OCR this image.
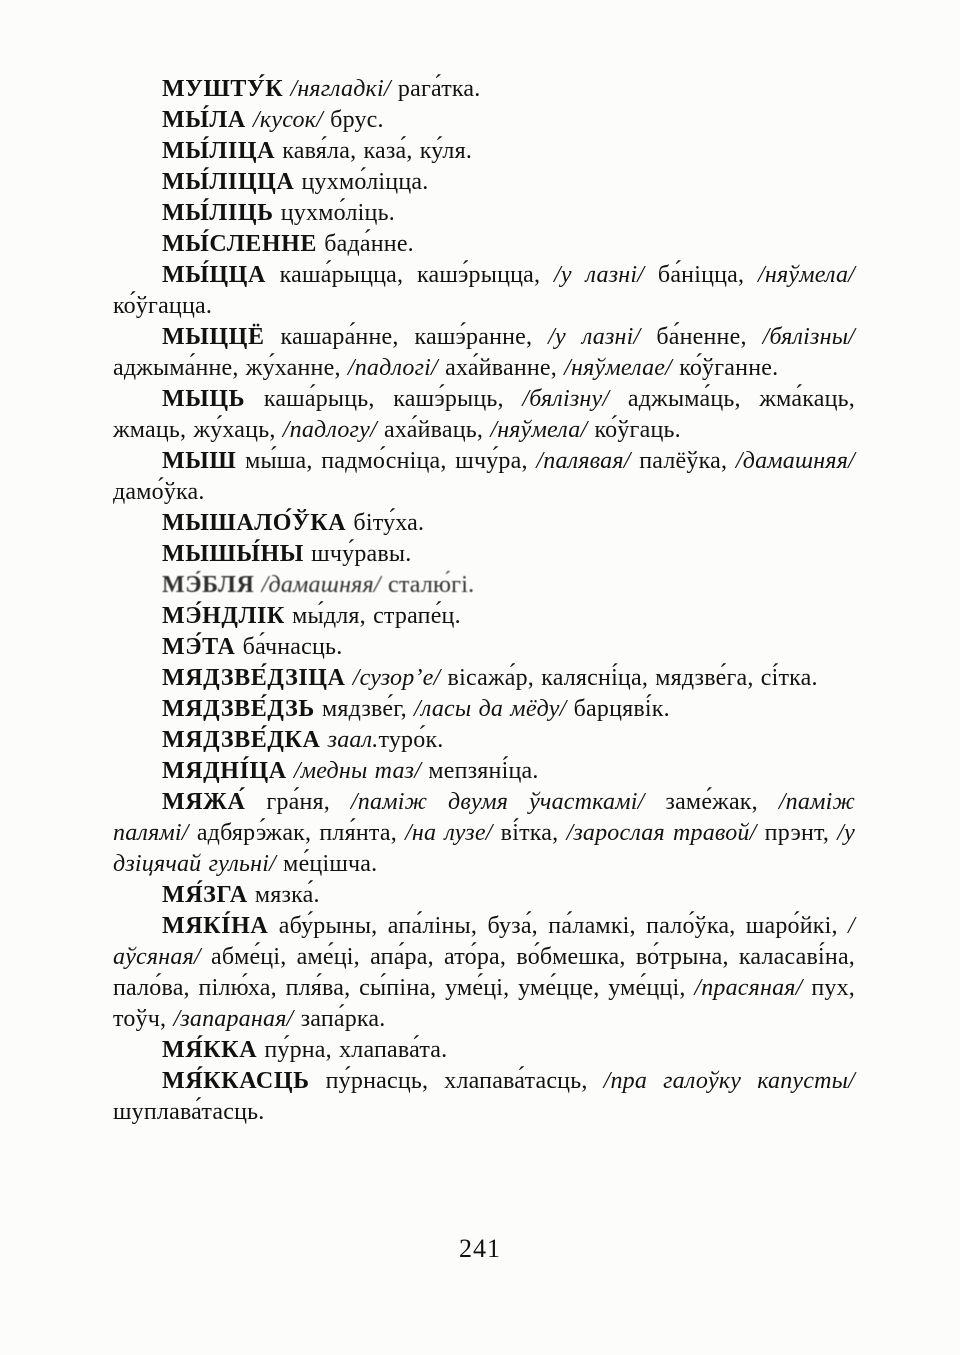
МУШТУ́К /нягладкі/ рага́тка.

МЫ́ЛА /кусок/ брус.

МЫ́ЛІЦА кавя́ла, каза́, ку́ля.

МЫ́ЛІЦЦА цухмо́ліцца.

МЫ́ЛІЦЬ цухмо́ліць.

МЫ́СЛЕННЕ бада́нне.

МЫ́ЦЦА каша́рыцца, кашэ́рыцца, /у лазні/ ба́ніцца, /няўмела/ ко́ўгацца.

МЫЦЦЁ кашара́нне, кашэ́ранне, /у лазні/ ба́ненне, /бялізны/ аджыма́нне, жу́ханне, /падлогі/ аха́йванне, /няўмелае/ ко́ўганне.

МЫЦЬ каша́рыць, кашэ́рыць, /бялізну/ аджыма́ць, жма́каць, жмаць, жу́хаць, /падлогу/ аха́йваць, /няўмела/ ко́ўгаць.

МЫШ мы́ша, падмо́сніца, шчу́ра, /палявая/ палёўка, /дамашняя/ дамо́ўка.

МЫШАЛО́ЎКА біту́ха.

МЫШЫ́НЫ шчу́равы.

МЭ́БЛЯ /дамашняя/ сталю́гі.

МЭ́НДЛІК мы́для, страпе́ц.

МЭ́ТА ба́чнасць.

МЯДЗВЕ́ДЗІЦА /сузор’е/ вісажа́р, калясні́ца, мядзве́га, сі́тка.

МЯДЗВЕ́ДЗЬ мядзве́г, /ласы да мёду/ барцяві́к.

МЯДЗВЕ́ДКА заал.туро́к.

МЯДНІ́ЦА /медны таз/ мепзяні́ца.

МЯЖА́ гра́ня, /паміж двумя ўчасткамі/ заме́жак, /паміж палямі/ адбярэ́жак, пля́нта, /на лузе/ ві́тка, /зарослая травой/ прэнт, /у дзіцячай гульні/ ме́цішча.

МЯ́ЗГА мязка́.

МЯКІ́НА абу́рыны, апа́ліны, буза́, па́ламкі, пало́ўка, шаро́йкі, /аўсяная/ абме́ці, аме́ці, апа́ра, ато́ра, во́бмешка, во́трына, каласаві́на, пало́ва, пілю́ха, пля́ва, сы́піна, уме́ці, уме́цце, уме́цці, /прасяная/ пух, тоўч, /запараная/ запа́рка.

МЯ́ККА пу́рна, хлапава́та.

МЯ́ККАСЦЬ пу́рнасць, хлапава́тасць, /пра галоўку капусты/ шуплава́тасць.

241
